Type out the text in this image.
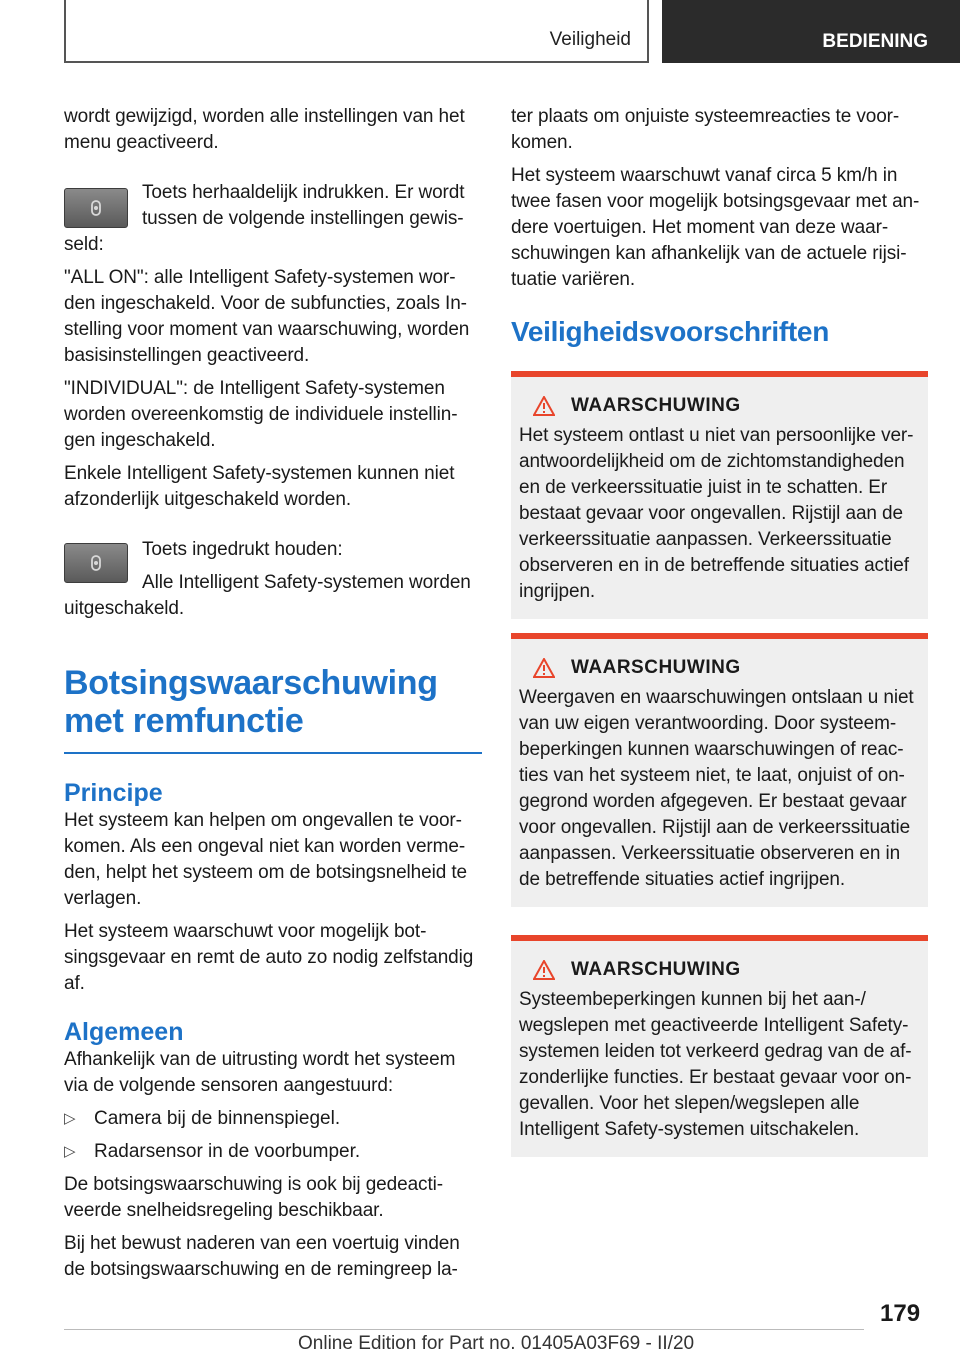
Veiligheid	BEDIENING

wordt gewijzigd, worden alle instellingen van het menu geactiveerd.

Toets herhaaldelijk indrukken. Er wordt tussen de volgende instellingen gewis-

seld:

"ALL ON": alle Intelligent Safety-systemen wor-den ingeschakeld. Voor de subfuncties, zoals In-stelling voor moment van waarschuwing, worden basisinstellingen geactiveerd.

"INDIVIDUAL": de Intelligent Safety-systemen worden overeenkomstig de individuele instellin-gen ingeschakeld.

Enkele Intelligent Safety-systemen kunnen niet afzonderlijk uitgeschakeld worden.

Toets ingedrukt houden:

Alle Intelligent Safety-systemen worden

uitgeschakeld.

Botsingswaarschuwing met remfunctie
Principe

Het systeem kan helpen om ongevallen te voor-komen. Als een ongeval niet kan worden verme-den, helpt het systeem om de botsingsnelheid te verlagen.

Het systeem waarschuwt voor mogelijk bot-singsgevaar en remt de auto zo nodig zelfstandig af.

Algemeen

Afhankelijk van de uitrusting wordt het systeem via de volgende sensoren aangestuurd:

▷ Camera bij de binnenspiegel.
▷ Radarsensor in de voorbumper.

De botsingswaarschuwing is ook bij gedeacti-veerde snelheidsregeling beschikbaar.

Bij het bewust naderen van een voertuig vinden de botsingswaarschuwing en de remingreep la-

ter plaats om onjuiste systeemreacties te voor-komen.

Het systeem waarschuwt vanaf circa 5 km/h in twee fasen voor mogelijk botsingsgevaar met an-dere voertuigen. Het moment van deze waar-schuwingen kan afhankelijk van de actuele rijsi-tuatie variëren.

Veiligheidsvoorschriften
WAARSCHUWING

Het systeem ontlast u niet van persoonlijke ver-antwoordelijkheid om de zichtomstandigheden en de verkeerssituatie juist in te schatten. Er bestaat gevaar voor ongevallen. Rijstijl aan de verkeerssituatie aanpassen. Verkeerssituatie observeren en in de betreffende situaties actief ingrijpen.

WAARSCHUWING

Weergaven en waarschuwingen ontslaan u niet van uw eigen verantwoording. Door systeem-beperkingen kunnen waarschuwingen of reac-ties van het systeem niet, te laat, onjuist of on-gegrond worden afgegeven. Er bestaat gevaar voor ongevallen. Rijstijl aan de verkeerssituatie aanpassen. Verkeerssituatie observeren en in de betreffende situaties actief ingrijpen.

WAARSCHUWING

Systeembeperkingen kunnen bij het aan-/ wegslepen met geactiveerde Intelligent Safety-systemen leiden tot verkeerd gedrag van de af-zonderlijke functies. Er bestaat gevaar voor on-gevallen. Voor het slepen/wegslepen alle Intelligent Safety-systemen uitschakelen.

179
Online Edition for Part no. 01405A03F69 - II/20
